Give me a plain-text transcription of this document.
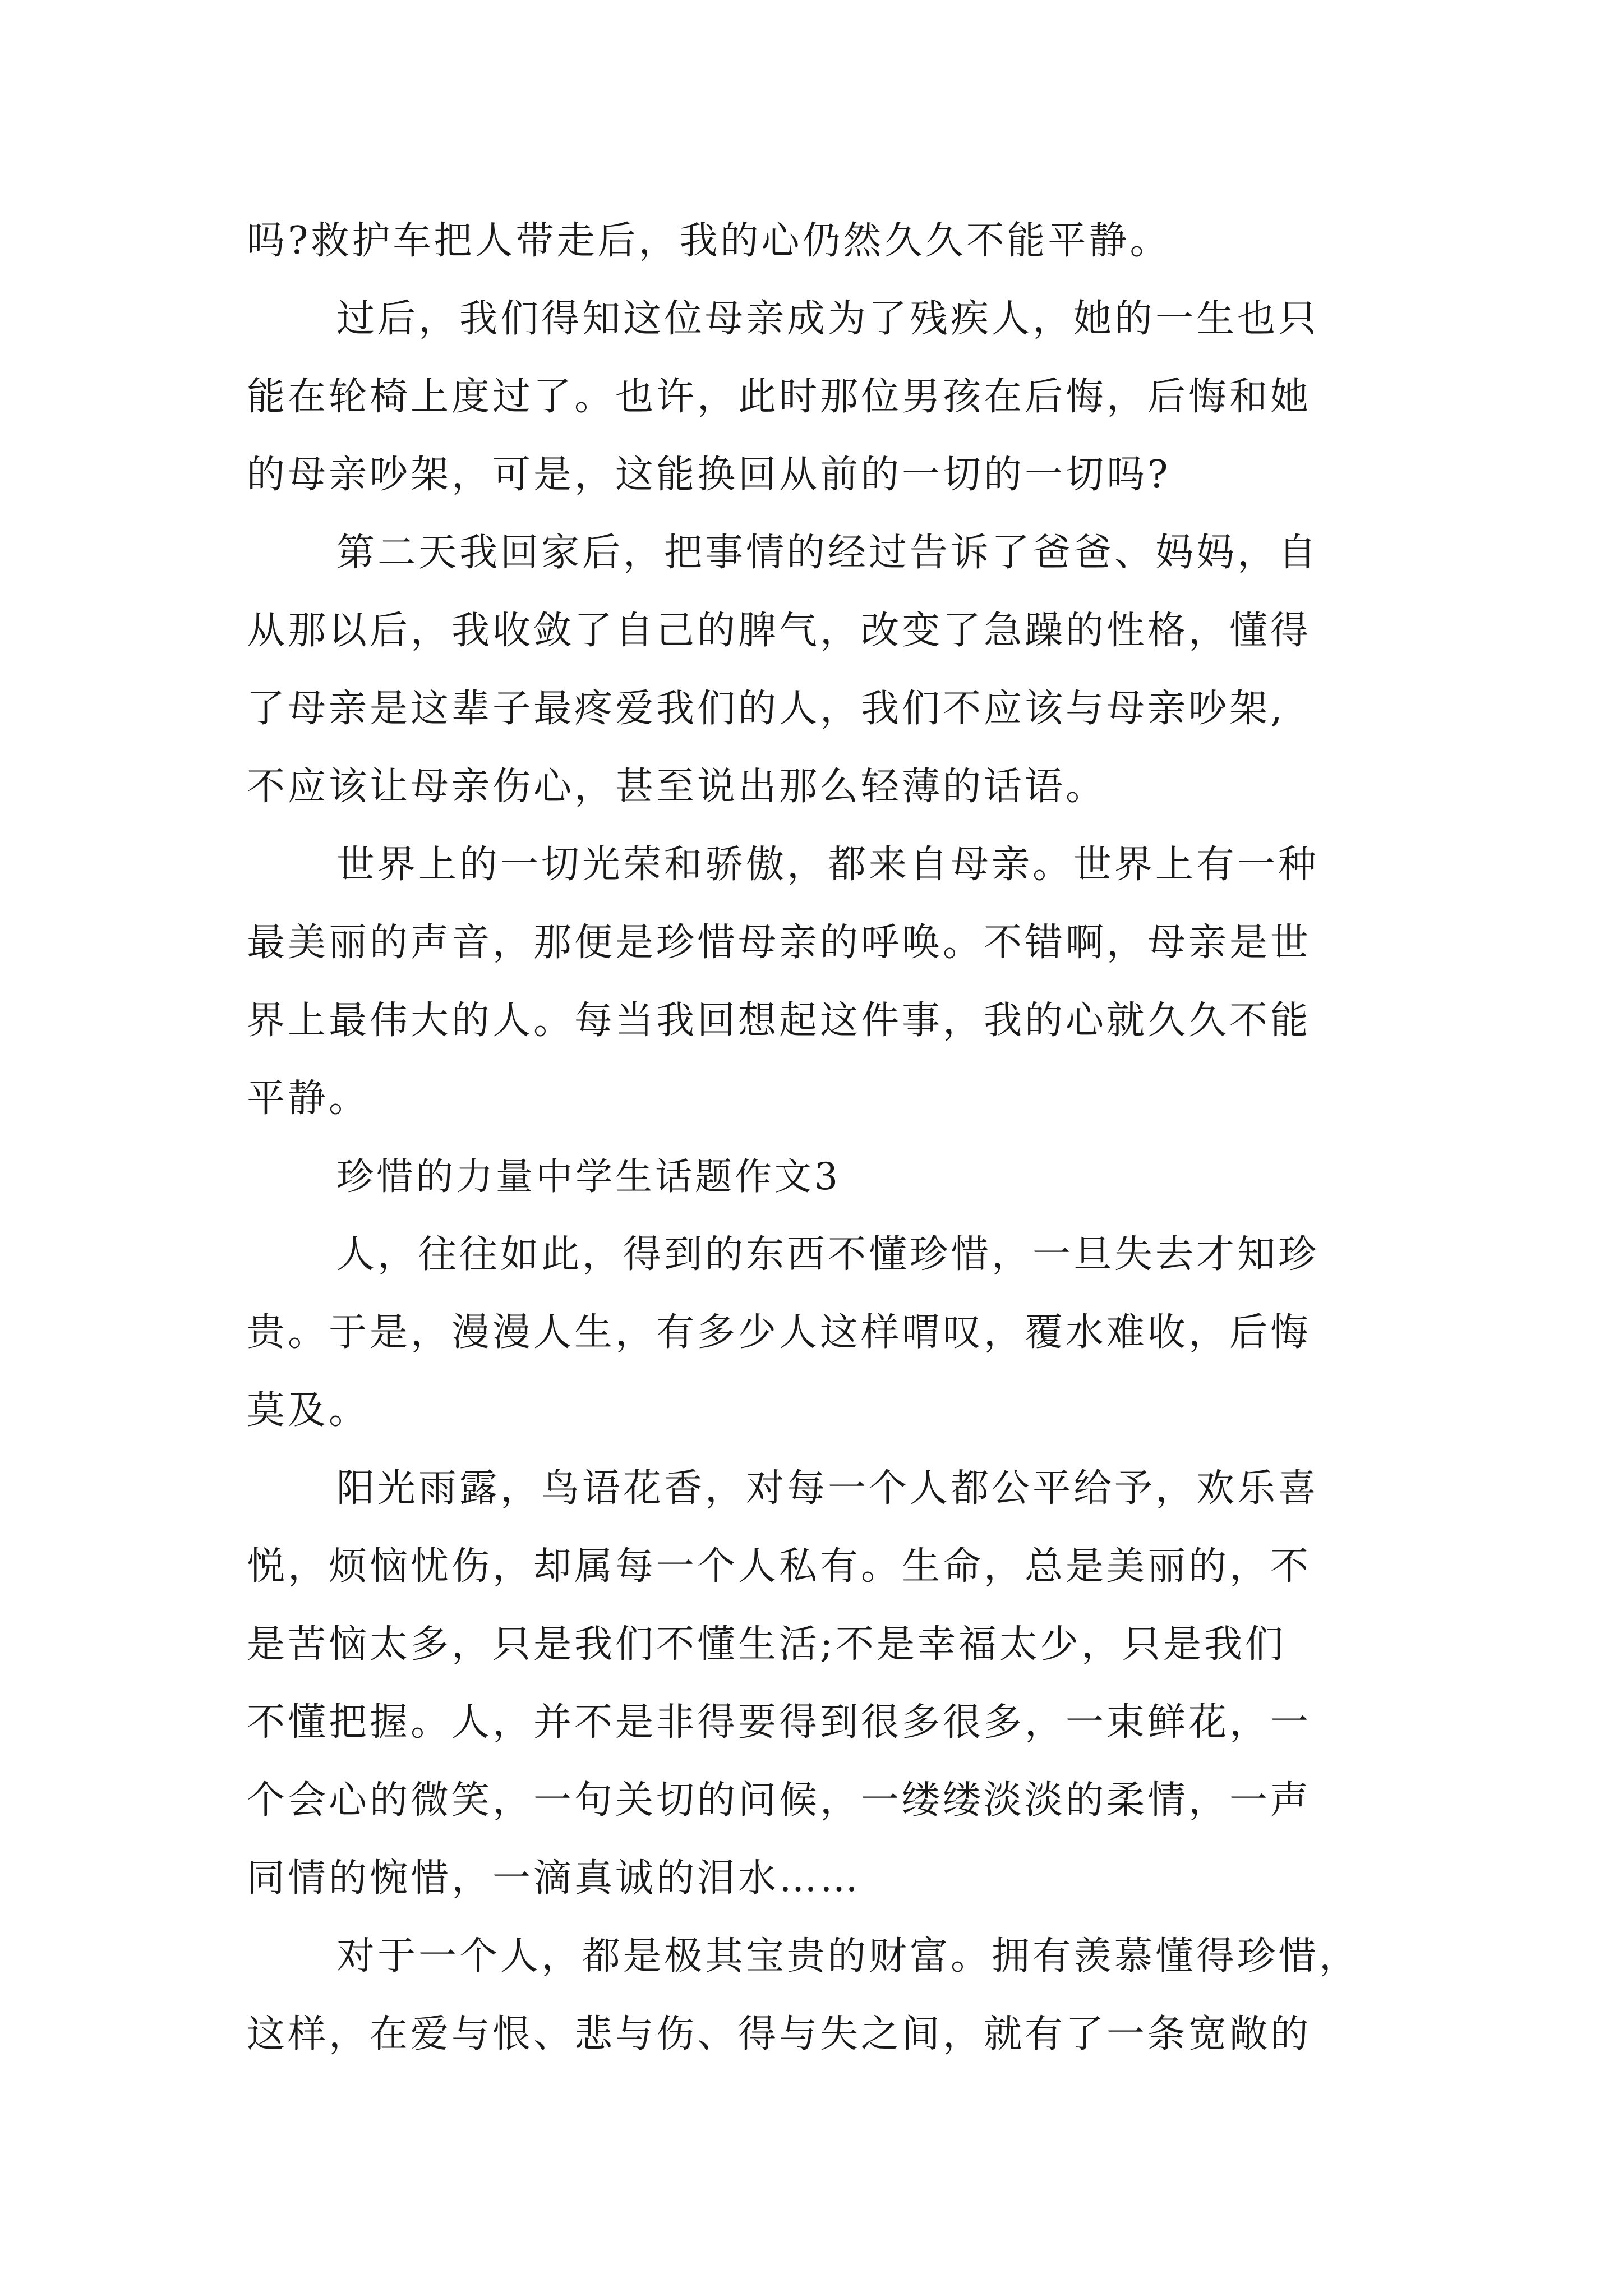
吗?救护车把人带走后，我的心仍然久久不能平静。
过后，我们得知这位母亲成为了残疾人，她的一生也只
能在轮椅上度过了。也许，此时那位男孩在后悔，后悔和她
的母亲吵架，可是，这能换回从前的一切的一切吗?
第二天我回家后，把事情的经过告诉了爸爸、妈妈，自
从那以后，我收敛了自己的脾气，改变了急躁的性格，懂得
了母亲是这辈子最疼爱我们的人，我们不应该与母亲吵架,
不应该让母亲伤心，甚至说出那么轻薄的话语。
世界上的一切光荣和骄傲，都来自母亲。世界上有一种
最美丽的声音，那便是珍惜母亲的呼唤。不错啊，母亲是世
界上最伟大的人。每当我回想起这件事，我的心就久久不能
平静。
珍惜的力量中学生话题作文3
人，往往如此，得到的东西不懂珍惜，一旦失去才知珍
贵。于是，漫漫人生，有多少人这样喟叹，覆水难收，后悔
莫及。
阳光雨露，鸟语花香，对每一个人都公平给予，欢乐喜
悦，烦恼忧伤，却属每一个人私有。生命，总是美丽的，不
是苦恼太多，只是我们不懂生活;不是幸福太少，只是我们
不懂把握。人，并不是非得要得到很多很多，一束鲜花，一
个会心的微笑，一句关切的问候，一缕缕淡淡的柔情，一声
同情的惋惜，一滴真诚的泪水……
对于一个人，都是极其宝贵的财富。拥有羡慕懂得珍惜，
这样，在爱与恨、悲与伤、得与失之间，就有了一条宽敞的
